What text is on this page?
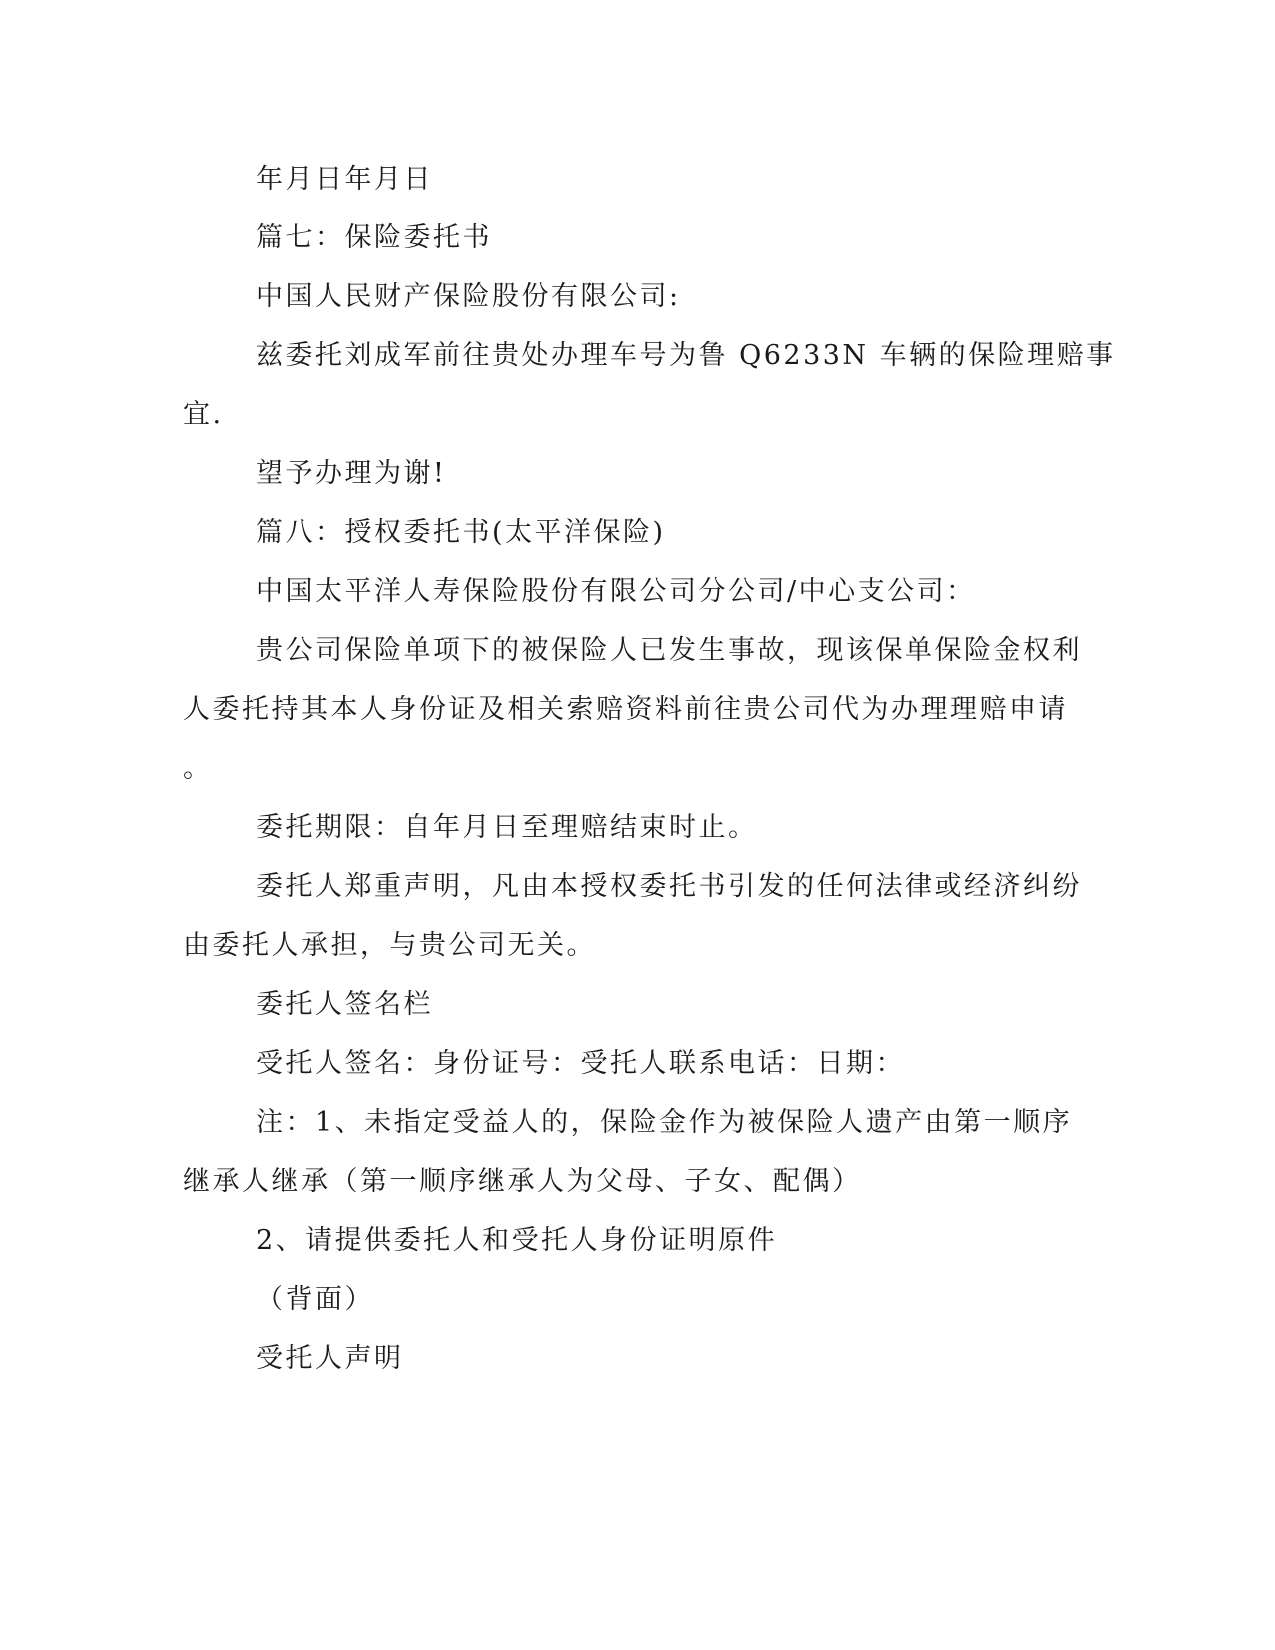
年月日年月日
篇七：保险委托书
中国人民财产保险股份有限公司:
兹委托刘成军前往贵处办理车号为鲁 Q6233N 车辆的保险理赔事
宜.
望予办理为谢!
篇八：授权委托书(太平洋保险)
中国太平洋人寿保险股份有限公司分公司/中心支公司：
贵公司保险单项下的被保险人已发生事故，现该保单保险金权利
人委托持其本人身份证及相关索赔资料前往贵公司代为办理理赔申请
。
委托期限：自年月日至理赔结束时止。
委托人郑重声明，凡由本授权委托书引发的任何法律或经济纠纷
由委托人承担，与贵公司无关。
委托人签名栏
受托人签名：身份证号：受托人联系电话：日期：
注：1、未指定受益人的，保险金作为被保险人遗产由第一顺序
继承人继承（第一顺序继承人为父母、子女、配偶）
2、请提供委托人和受托人身份证明原件
（背面）
受托人声明
